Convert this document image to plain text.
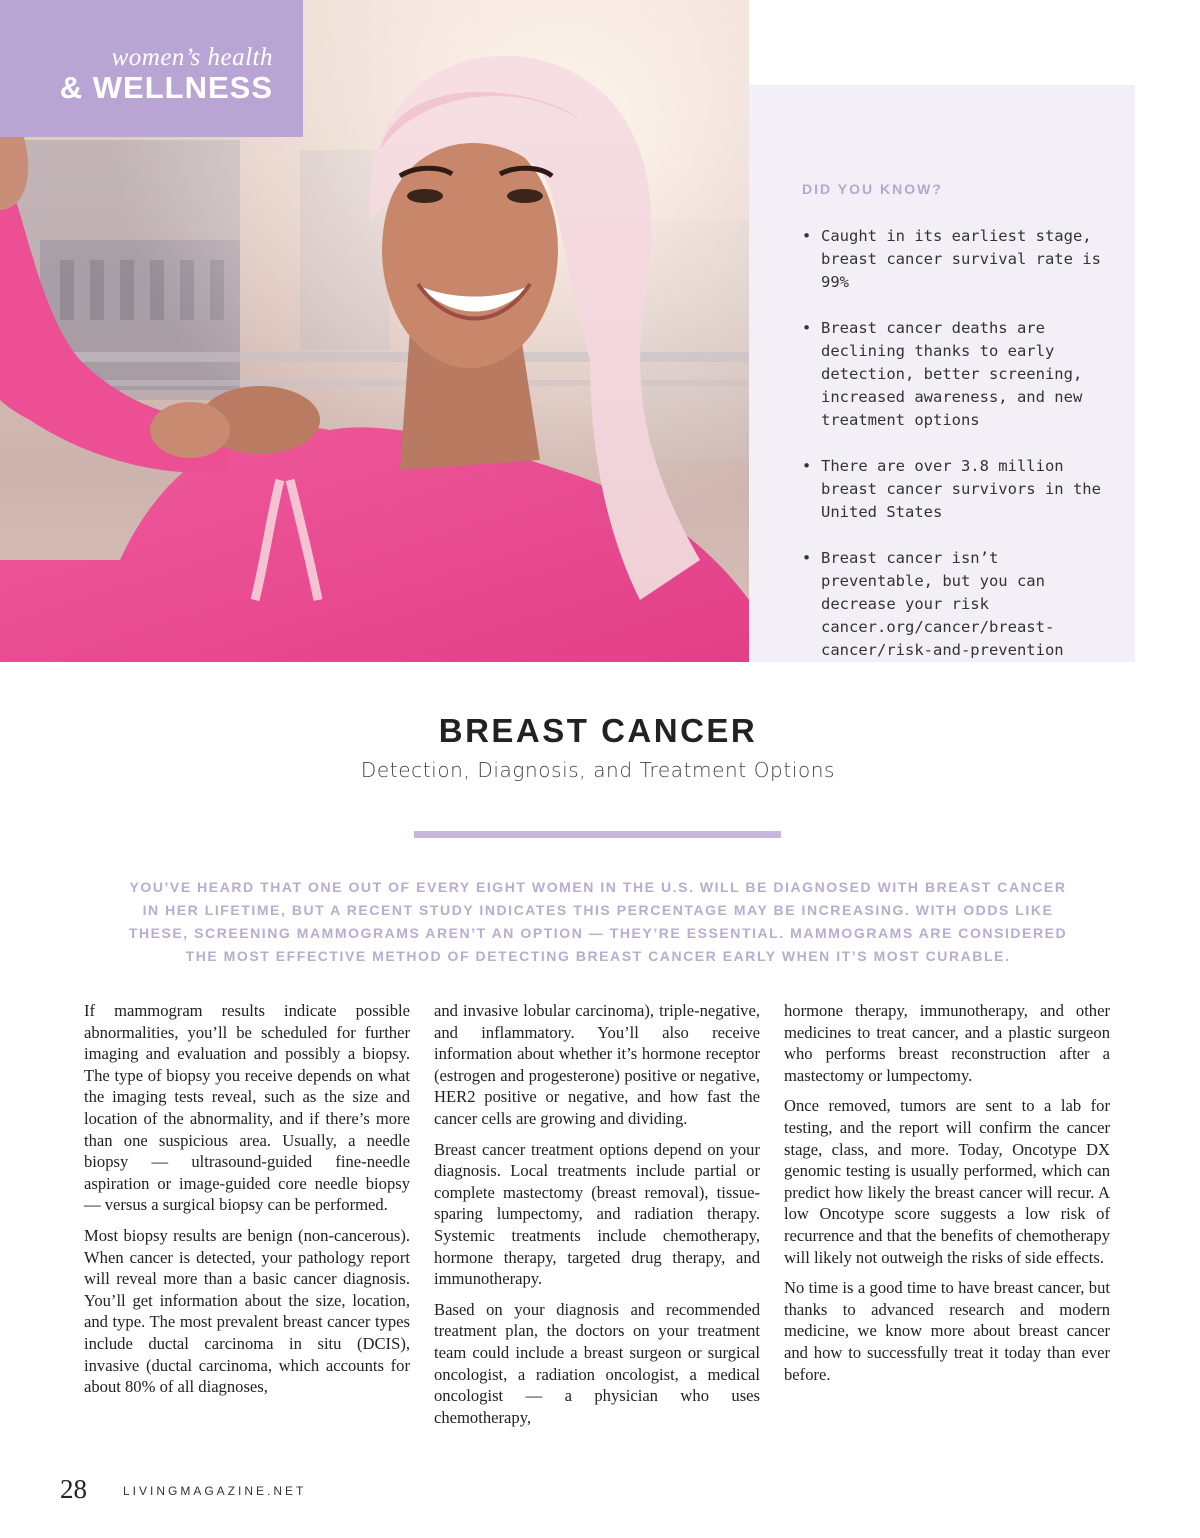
women’s health
& WELLNESS
DID YOU KNOW?
• Caught in its earliest stage, breast cancer survival rate is 99%
• Breast cancer deaths are declining thanks to early detection, better screening, increased awareness, and new treatment options
• There are over 3.8 million breast cancer survivors in the United States
• Breast cancer isn’t preventable, but you can decrease your risk cancer.org/cancer/breast-cancer/risk-and-prevention
BREAST CANCER
Detection, Diagnosis, and Treatment Options

YOU’VE HEARD THAT ONE OUT OF EVERY EIGHT WOMEN IN THE U.S. WILL BE DIAGNOSED WITH BREAST CANCER IN HER LIFETIME, BUT A RECENT STUDY INDICATES THIS PERCENTAGE MAY BE INCREASING. WITH ODDS LIKE THESE, SCREENING MAMMOGRAMS AREN’T AN OPTION — THEY’RE ESSENTIAL. MAMMOGRAMS ARE CONSIDERED THE MOST EFFECTIVE METHOD OF DETECTING BREAST CANCER EARLY WHEN IT’S MOST CURABLE.

If mammogram results indicate possible abnormalities, you’ll be scheduled for further imaging and evaluation and possibly a biopsy. The type of biopsy you receive depends on what the imaging tests reveal, such as the size and location of the abnormality, and if there’s more than one suspicious area. Usually, a needle biopsy — ultrasound-guided fine-needle aspiration or image-guided core needle biopsy — versus a surgical biopsy can be performed.

Most biopsy results are benign (non-cancerous). When cancer is detected, your pathology report will reveal more than a basic cancer diagnosis. You’ll get information about the size, location, and type. The most prevalent breast cancer types include ductal carcinoma in situ (DCIS), invasive (ductal carcinoma, which accounts for about 80% of all diagnoses,

and invasive lobular carcinoma), triple-negative, and inflammatory. You’ll also receive information about whether it’s hormone receptor (estrogen and progesterone) positive or negative, HER2 positive or negative, and how fast the cancer cells are growing and dividing.

Breast cancer treatment options depend on your diagnosis. Local treatments include partial or complete mastectomy (breast removal), tissue-sparing lumpectomy, and radiation therapy. Systemic treatments include chemotherapy, hormone therapy, targeted drug therapy, and immunotherapy.

Based on your diagnosis and recommended treatment plan, the doctors on your treatment team could include a breast surgeon or surgical oncologist, a radiation oncologist, a medical oncologist — a physician who uses chemotherapy,

hormone therapy, immunotherapy, and other medicines to treat cancer, and a plastic surgeon who performs breast reconstruction after a mastectomy or lumpectomy.

Once removed, tumors are sent to a lab for testing, and the report will confirm the cancer stage, class, and more. Today, Oncotype DX genomic testing is usually performed, which can predict how likely the breast cancer will recur. A low Oncotype score suggests a low risk of recurrence and that the benefits of chemotherapy will likely not outweigh the risks of side effects.

No time is a good time to have breast cancer, but thanks to advanced research and modern medicine, we know more about breast cancer and how to successfully treat it today than ever before.

28	LIVINGMAGAZINE.NET
